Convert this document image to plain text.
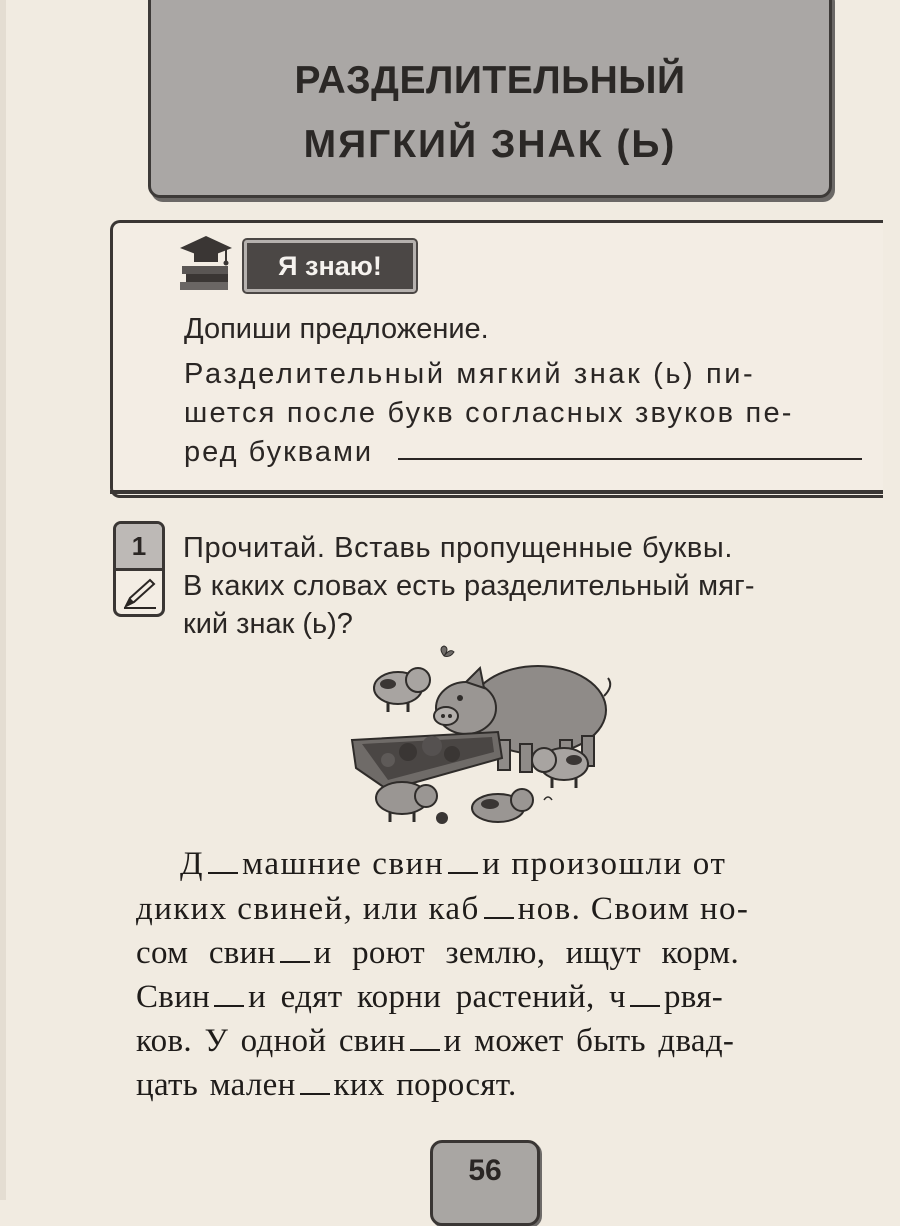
РАЗДЕЛИТЕЛЬНЫЙ
МЯГКИЙ ЗНАК (Ь)
Я знаю!
Допиши предложение.
Разделительный мягкий знак (ь) пи-
шется после букв согласных звуков пе-
ред буквами
1	Прочитай. Вставь пропущенные буквы.
В каких словах есть разделительный мяг-
кий знак (ь)?
Д машние свин и произошли от
диких свиней, или каб нов. Своим но-
сом свин и роют землю, ищут корм.
Свин и едят корни растений, ч рвя-
ков. У одной свин и может быть двад-
цать мален ких поросят.
56
